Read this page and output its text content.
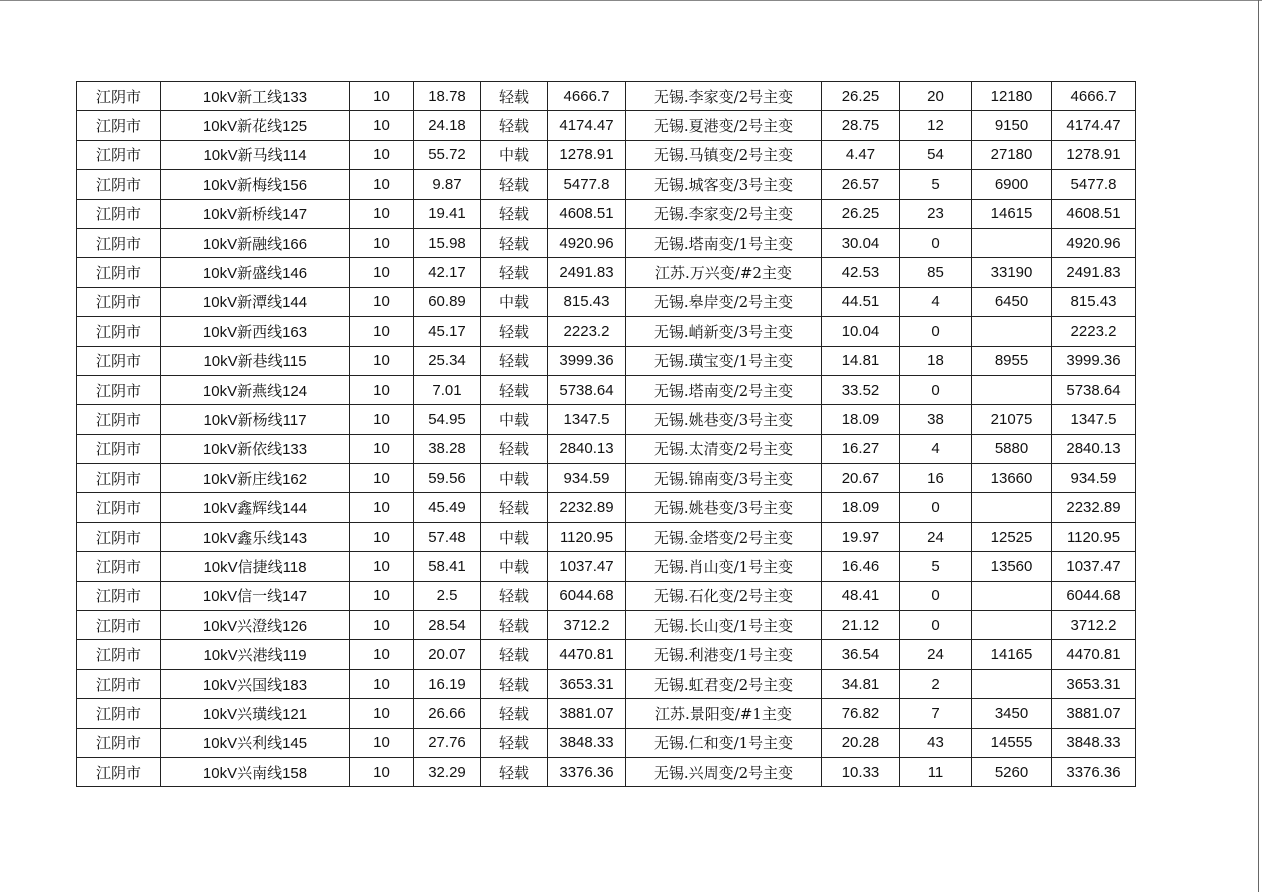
江阴市	10kV新工线133	10	18.78	轻载	4666.7	无锡.李家变/2号主变	26.25	20	12180	4666.7
江阴市	10kV新花线125	10	24.18	轻载	4174.47	无锡.夏港变/2号主变	28.75	12	9150	4174.47
江阴市	10kV新马线114	10	55.72	中载	1278.91	无锡.马镇变/2号主变	4.47	54	27180	1278.91
江阴市	10kV新梅线156	10	9.87	轻载	5477.8	无锡.城客变/3号主变	26.57	5	6900	5477.8
江阴市	10kV新桥线147	10	19.41	轻载	4608.51	无锡.李家变/2号主变	26.25	23	14615	4608.51
江阴市	10kV新融线166	10	15.98	轻载	4920.96	无锡.塔南变/1号主变	30.04	0		4920.96
江阴市	10kV新盛线146	10	42.17	轻载	2491.83	江苏.万兴变/#2主变	42.53	85	33190	2491.83
江阴市	10kV新潭线144	10	60.89	中载	815.43	无锡.皋岸变/2号主变	44.51	4	6450	815.43
江阴市	10kV新西线163	10	45.17	轻载	2223.2	无锡.峭新变/3号主变	10.04	0		2223.2
江阴市	10kV新巷线115	10	25.34	轻载	3999.36	无锡.璜宝变/1号主变	14.81	18	8955	3999.36
江阴市	10kV新燕线124	10	7.01	轻载	5738.64	无锡.塔南变/2号主变	33.52	0		5738.64
江阴市	10kV新杨线117	10	54.95	中载	1347.5	无锡.姚巷变/3号主变	18.09	38	21075	1347.5
江阴市	10kV新依线133	10	38.28	轻载	2840.13	无锡.太清变/2号主变	16.27	4	5880	2840.13
江阴市	10kV新庄线162	10	59.56	中载	934.59	无锡.锦南变/3号主变	20.67	16	13660	934.59
江阴市	10kV鑫辉线144	10	45.49	轻载	2232.89	无锡.姚巷变/3号主变	18.09	0		2232.89
江阴市	10kV鑫乐线143	10	57.48	中载	1120.95	无锡.金塔变/2号主变	19.97	24	12525	1120.95
江阴市	10kV信捷线118	10	58.41	中载	1037.47	无锡.肖山变/1号主变	16.46	5	13560	1037.47
江阴市	10kV信一线147	10	2.5	轻载	6044.68	无锡.石化变/2号主变	48.41	0		6044.68
江阴市	10kV兴澄线126	10	28.54	轻载	3712.2	无锡.长山变/1号主变	21.12	0		3712.2
江阴市	10kV兴港线119	10	20.07	轻载	4470.81	无锡.利港变/1号主变	36.54	24	14165	4470.81
江阴市	10kV兴国线183	10	16.19	轻载	3653.31	无锡.虹君变/2号主变	34.81	2		3653.31
江阴市	10kV兴璜线121	10	26.66	轻载	3881.07	江苏.景阳变/#1主变	76.82	7	3450	3881.07
江阴市	10kV兴利线145	10	27.76	轻载	3848.33	无锡.仁和变/1号主变	20.28	43	14555	3848.33
江阴市	10kV兴南线158	10	32.29	轻载	3376.36	无锡.兴周变/2号主变	10.33	11	5260	3376.36
